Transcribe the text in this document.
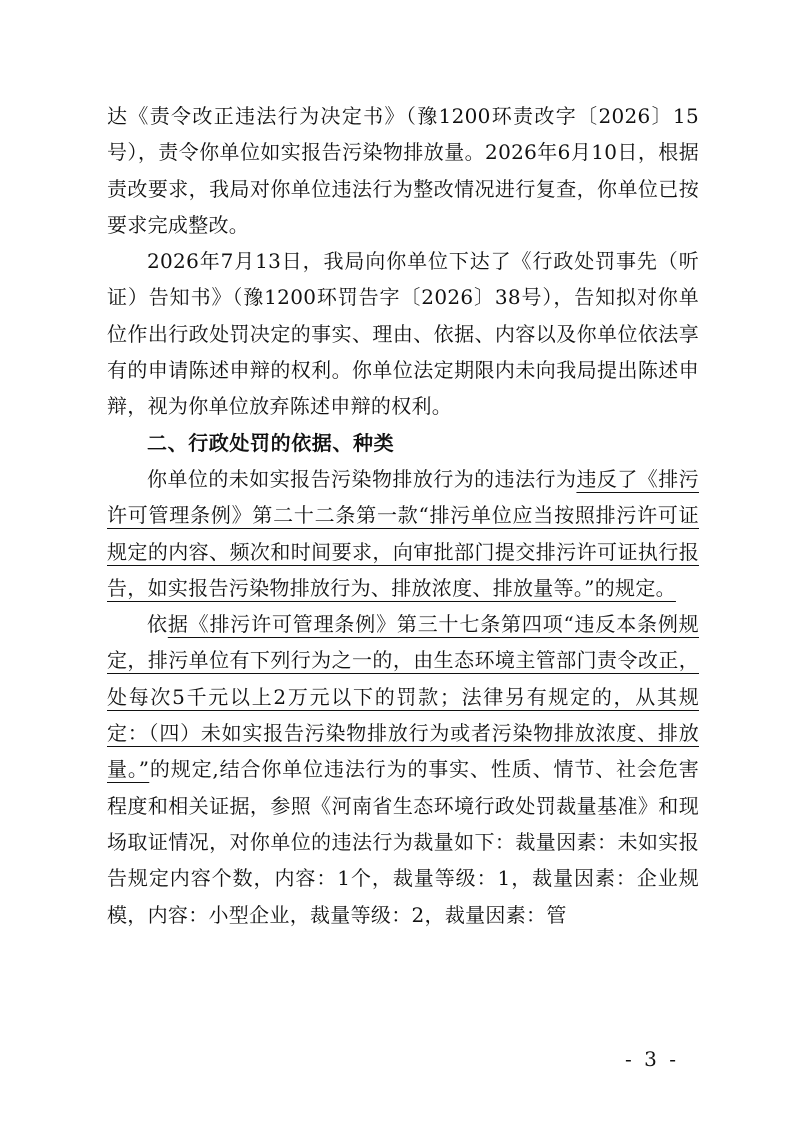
达《责令改正违法行为决定书》（豫1200环责改字〔2026〕15号），责令你单位如实报告污染物排放量。2026年6月10日，根据责改要求，我局对你单位违法行为整改情况进行复查，你单位已按要求完成整改。

2026年7月13日，我局向你单位下达了《行政处罚事先（听证）告知书》（豫1200环罚告字〔2026〕38号），告知拟对你单位作出行政处罚决定的事实、理由、依据、内容以及你单位依法享有的申请陈述申辩的权利。你单位法定期限内未向我局提出陈述申辩，视为你单位放弃陈述申辩的权利。

二、行政处罚的依据、种类

你单位的未如实报告污染物排放行为的违法行为违反了《排污许可管理条例》第二十二条第一款“排污单位应当按照排污许可证规定的内容、频次和时间要求，向审批部门提交排污许可证执行报告，如实报告污染物排放行为、排放浓度、排放量等。”的规定。

依据《排污许可管理条例》第三十七条第四项“违反本条例规定，排污单位有下列行为之一的，由生态环境主管部门责令改正，处每次5千元以上2万元以下的罚款；法律另有规定的，从其规定：（四）未如实报告污染物排放行为或者污染物排放浓度、排放量。”的规定,结合你单位违法行为的事实、性质、情节、社会危害程度和相关证据，参照《河南省生态环境行政处罚裁量基准》和现场取证情况，对你单位的违法行为裁量如下：裁量因素：未如实报告规定内容个数，内容：1个，裁量等级：1，裁量因素：企业规模，内容：小型企业，裁量等级：2，裁量因素：管

- 3 -
